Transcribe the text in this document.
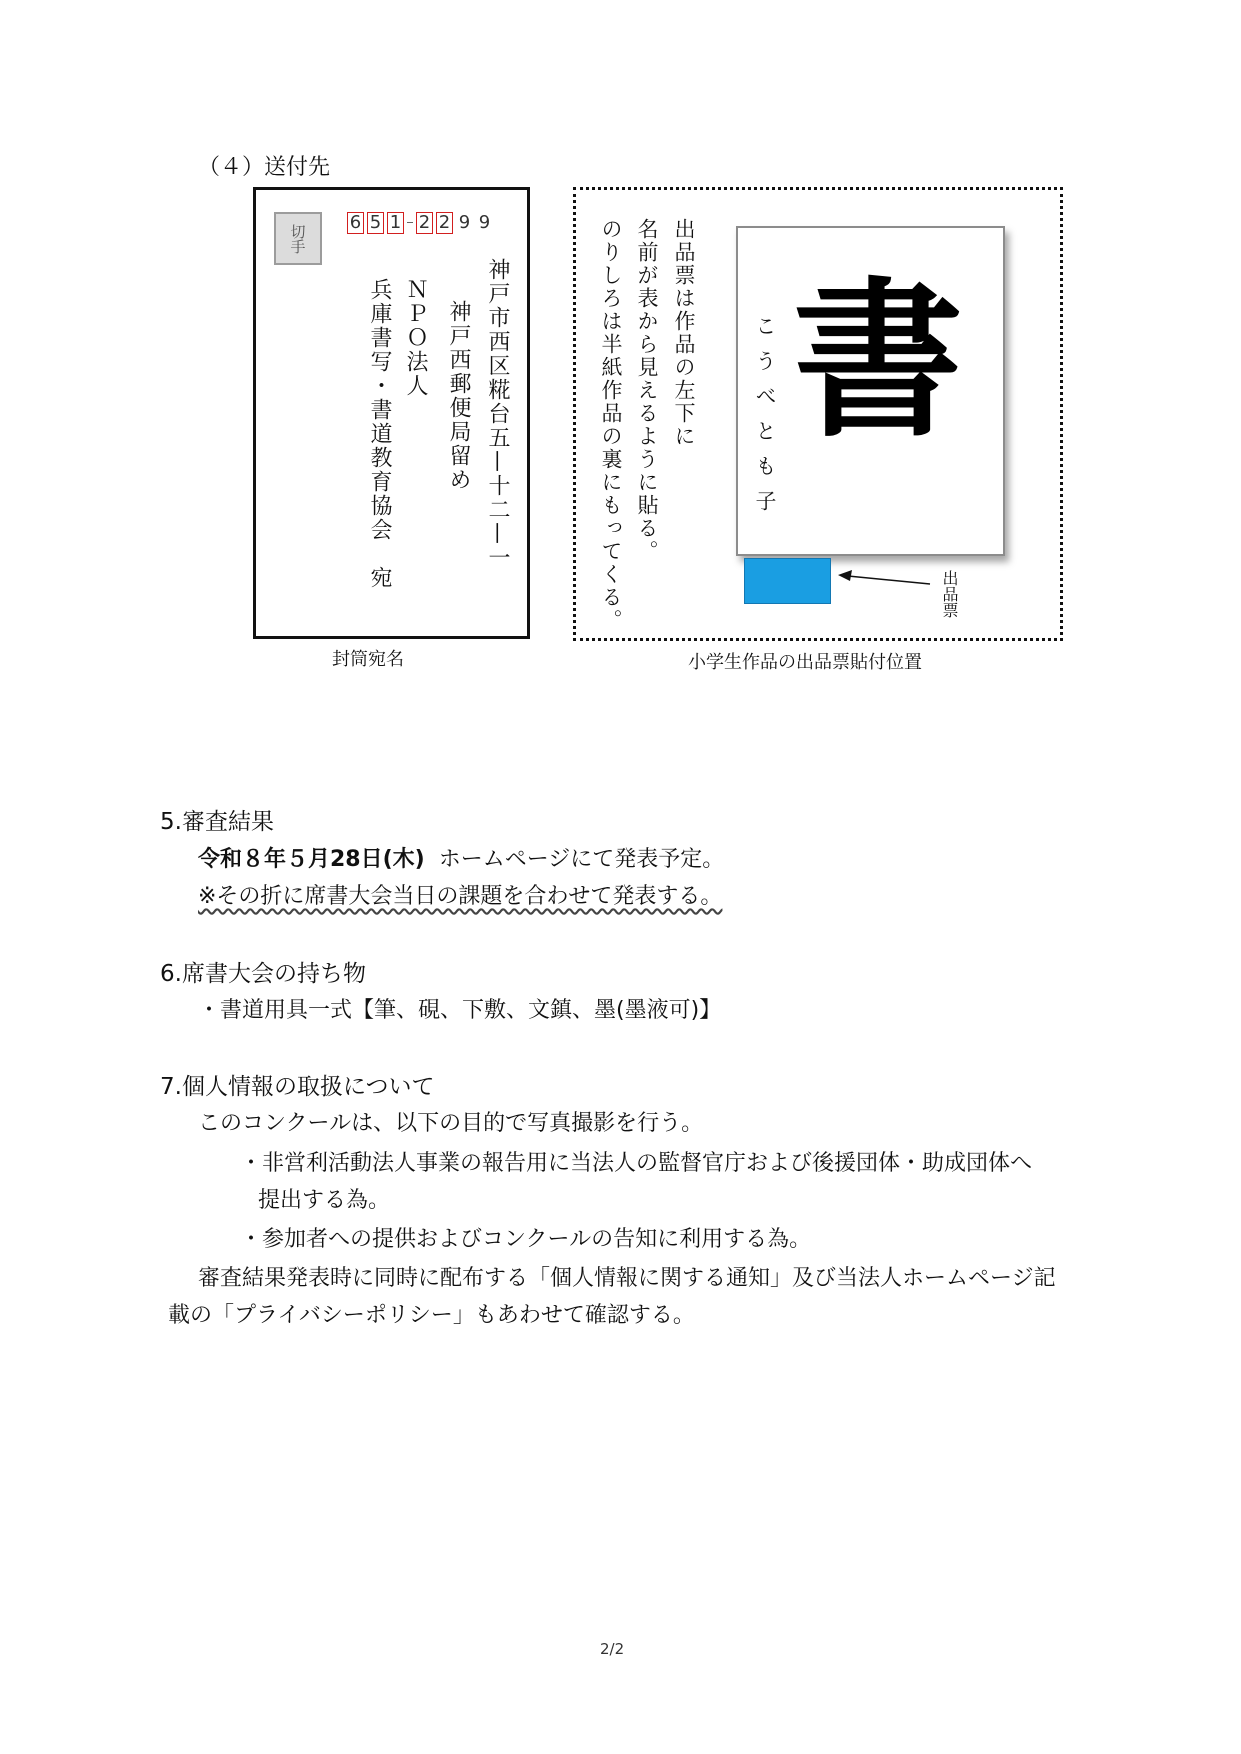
（４）送付先
切手
6 5 1 2 2 9 9
神戸市西区糀台五—十二—一
神戸西郵便局留め
ＮＰＯ法人
兵庫書写・書道教育協会　宛
封筒宛名
出品票は作品の左下に
名前が表から見えるように貼る。
のりしろは半紙作品の裏にもってくる。 書
こうべとも子
出品票
小学生作品の出品票貼付位置
5.審査結果
令和８年５月28日(木) ホームページにて発表予定。
※その折に席書大会当日の課題を合わせて発表する。
6.席書大会の持ち物
・書道用具一式【筆、硯、下敷、文鎮、墨(墨液可)】
7.個人情報の取扱について
このコンクールは、以下の目的で写真撮影を行う。
・非営利活動法人事業の報告用に当法人の監督官庁および後援団体・助成団体へ
提出する為。
・参加者への提供およびコンクールの告知に利用する為。
審査結果発表時に同時に配布する「個人情報に関する通知」及び当法人ホームページ記
載の「プライバシーポリシー」もあわせて確認する。
2/2
